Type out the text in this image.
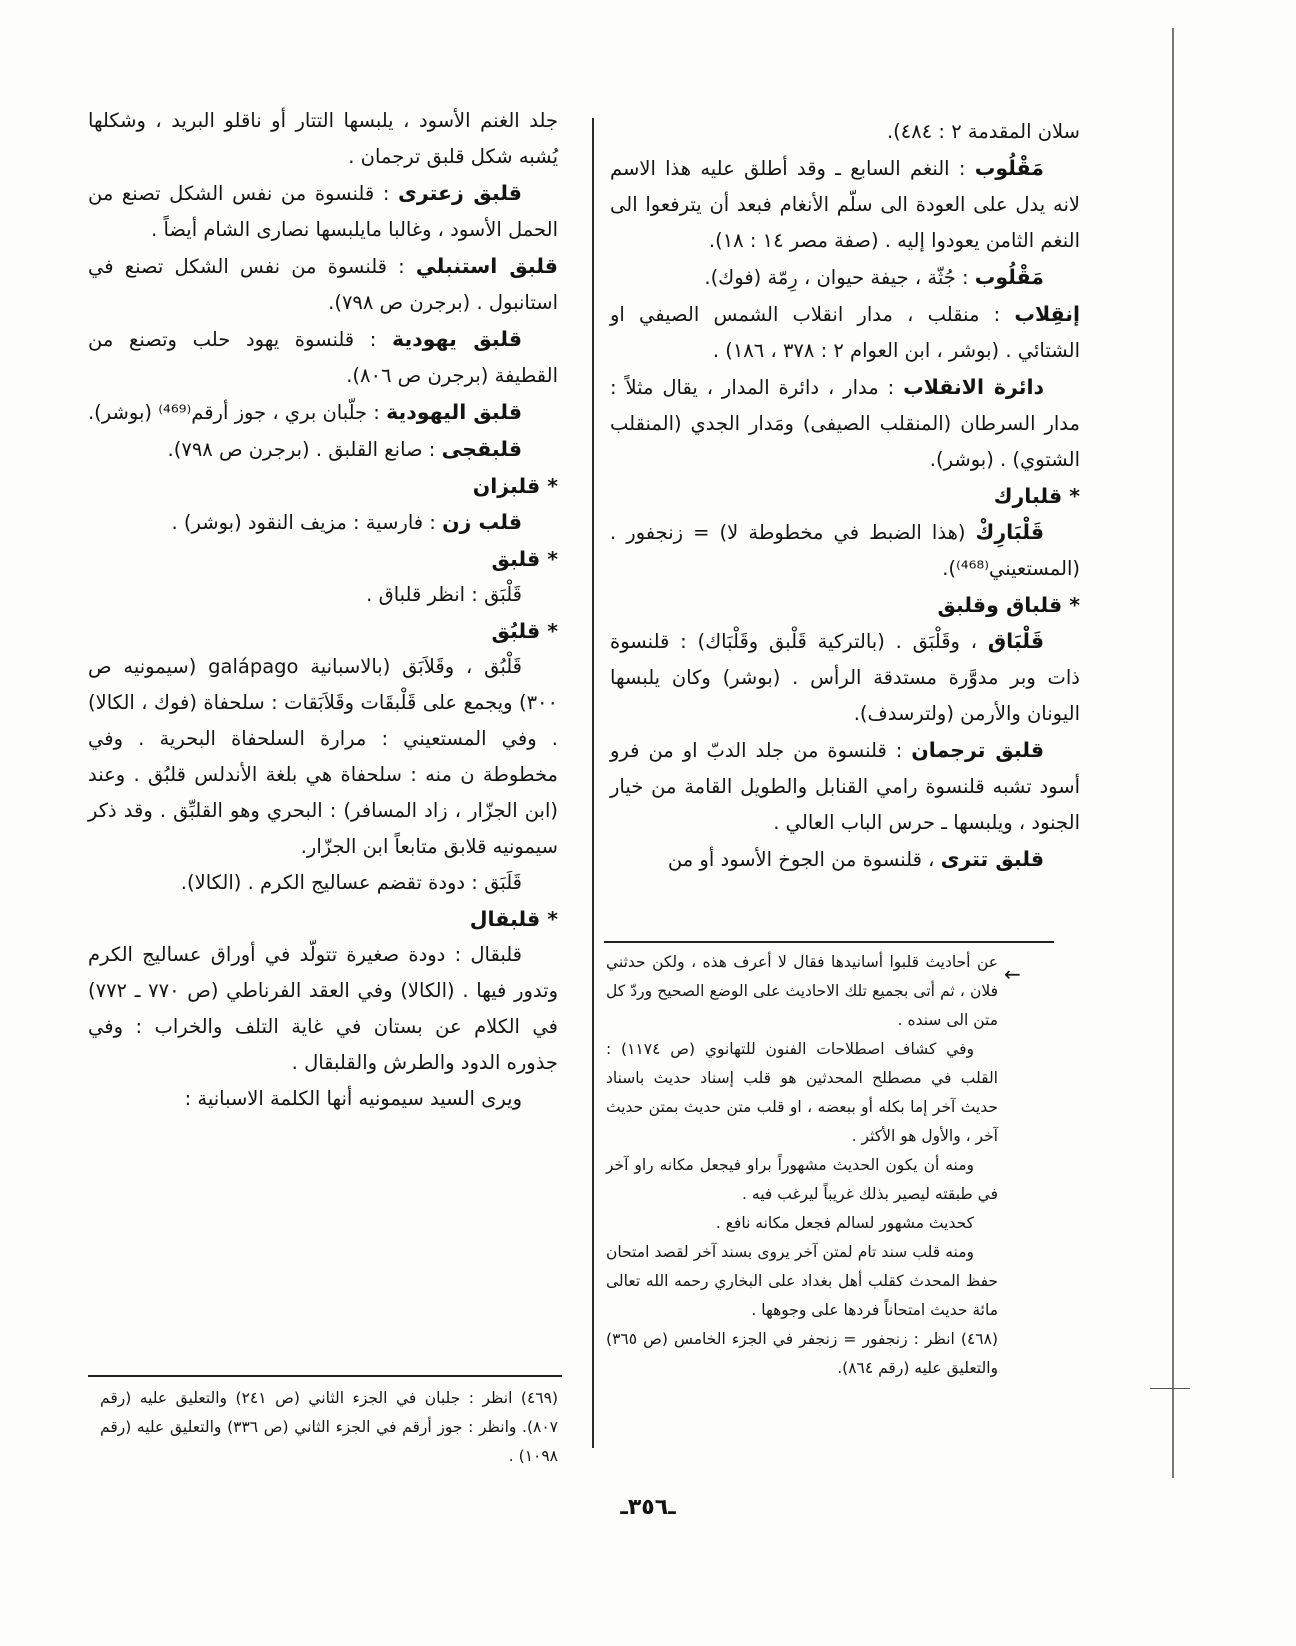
سلان المقدمة ٢ : ٤٨٤).

مَقْلُوب : النغم السابع ـ وقد أطلق عليه هذا الاسم لانه يدل على العودة الى سلّم الأنغام فبعد أن يترفعوا الى النغم الثامن يعودوا إليه . (صفة مصر ١٤ : ١٨).

مَقْلُوب : جُثّة ، جيفة حيوان ، رِمّة (فوك).

إنقِلاب : منقلب ، مدار انقلاب الشمس الصيفي او الشتائي . (بوشر ، ابن العوام ٢ : ٣٧٨ ، ١٨٦) .

دائرة الانقلاب : مدار ، دائرة المدار ، يقال مثلاً : مدار السرطان (المنقلب الصيفى) ومَدار الجدي (المنقلب الشتوي) . (بوشر).

* قلبارك

قَلْبَارِكْ (هذا الضبط في مخطوطة لا) = زنجفور . (المستعيني⁽⁴⁶⁸⁾).

* قلباق وقلبق

قَلْبَاق ، وقَلْبَق . (بالتركية قَلْبق وقَلْبَاك) : قلنسوة ذات وبر مدوَّرة مستدقة الرأس . (بوشر) وكان يلبسها اليونان والأرمن (ولترسدف).

قلبق ترجمان : قلنسوة من جلد الدبّ او من فرو أسود تشبه قلنسوة رامي القنابل والطويل القامة من خيار الجنود ، ويلبسها ـ حرس الباب العالي .

قلبق تترى ، قلنسوة من الجوخ الأسود أو من

جلد الغنم الأسود ، يلبسها التتار أو ناقلو البريد ، وشكلها يُشبه شكل قلبق ترجمان .

قلبق زعترى : قلنسوة من نفس الشكل تصنع من الحمل الأسود ، وغالبا مايلبسها نصارى الشام أيضاً .

قلبق استنبلي : قلنسوة من نفس الشكل تصنع في استانبول . (برجرن ص ٧٩٨).

قلبق يهودية : قلنسوة يهود حلب وتصنع من القطيفة (برجرن ص ٨٠٦).

قلبق اليهودية : جلّبان بري ، جوز أرقم⁽⁴⁶⁹⁾ (بوشر).

قلبقجى : صانع القلبق . (برجرن ص ٧٩٨).

* قلبزان

قلب زن : فارسية : مزيف النقود (بوشر) .

* قلبق

قَلْبَق : انظر قلباق .

* قلبُق

قَلْبُق ، وقَلاَبَق (بالاسبانية galápago (سيمونيه ص ٣٠٠) ويجمع على قَلْبقَات وقَلاَبَقات : سلحفاة (فوك ، الكالا) . وفي المستعيني : مرارة السلحفاة البحرية . وفي مخطوطة ن منه : سلحفاة هي بلغة الأندلس قلبُق . وعند (ابن الجزّار ، زاد المسافر) : البحري وهو القلبِّق . وقد ذكر سيمونيه قلابق متابعاً ابن الجزّار.

قَلَبَق : دودة تقضم عساليج الكرم . (الكالا).

* قلبقال

قلبقال : دودة صغيرة تتولّد في أوراق عساليج الكرم وتدور فيها . (الكالا) وفي العقد الفرناطي (ص ٧٧٠ ـ ٧٧٢) في الكلام عن بستان في غاية التلف والخراب : وفي جذوره الدود والطرش والقلبقال .

ويرى السيد سيمونيه أنها الكلمة الاسبانية :

←

عن أحاديث قلبوا أسانيدها فقال لا أعرف هذه ، ولكن حدثني فلان ، ثم أتى بجميع تلك الاحاديث على الوضع الصحيح وردّ كل متن الى سنده .

وفي كشاف اصطلاحات الفنون للتهانوي (ص ١١٧٤) : القلب في مصطلح المحدثين هو قلب إسناد حديث باسناد حديث آخر إما بكله أو ببعضه ، او قلب متن حديث بمتن حديث آخر ، والأول هو الأكثر .

ومنه أن يكون الحديث مشهوراً براو فيجعل مكانه راو آخر في طبقته ليصير بذلك غريباً ليرغب فيه .

كحديث مشهور لسالم فجعل مكانه نافع .

ومنه قلب سند تام لمتن آخر يروى بسند آخر لقصد امتحان حفظ المحدث كقلب أهل بغداد على البخاري رحمه الله تعالى مائة حديث امتحاناً فردها على وجوهها .

(٤٦٨) انظر : زنجفور = زنجفر في الجزء الخامس (ص ٣٦٥) والتعليق عليه (رقم ٨٦٤).

(٤٦٩) انظر : جلبان في الجزء الثاني (ص ٢٤١) والتعليق عليه (رقم ٨٠٧). وانظر : جوز أرقم في الجزء الثاني (ص ٣٣٦) والتعليق عليه (رقم ١٠٩٨) .

ـ٣٥٦ـ
